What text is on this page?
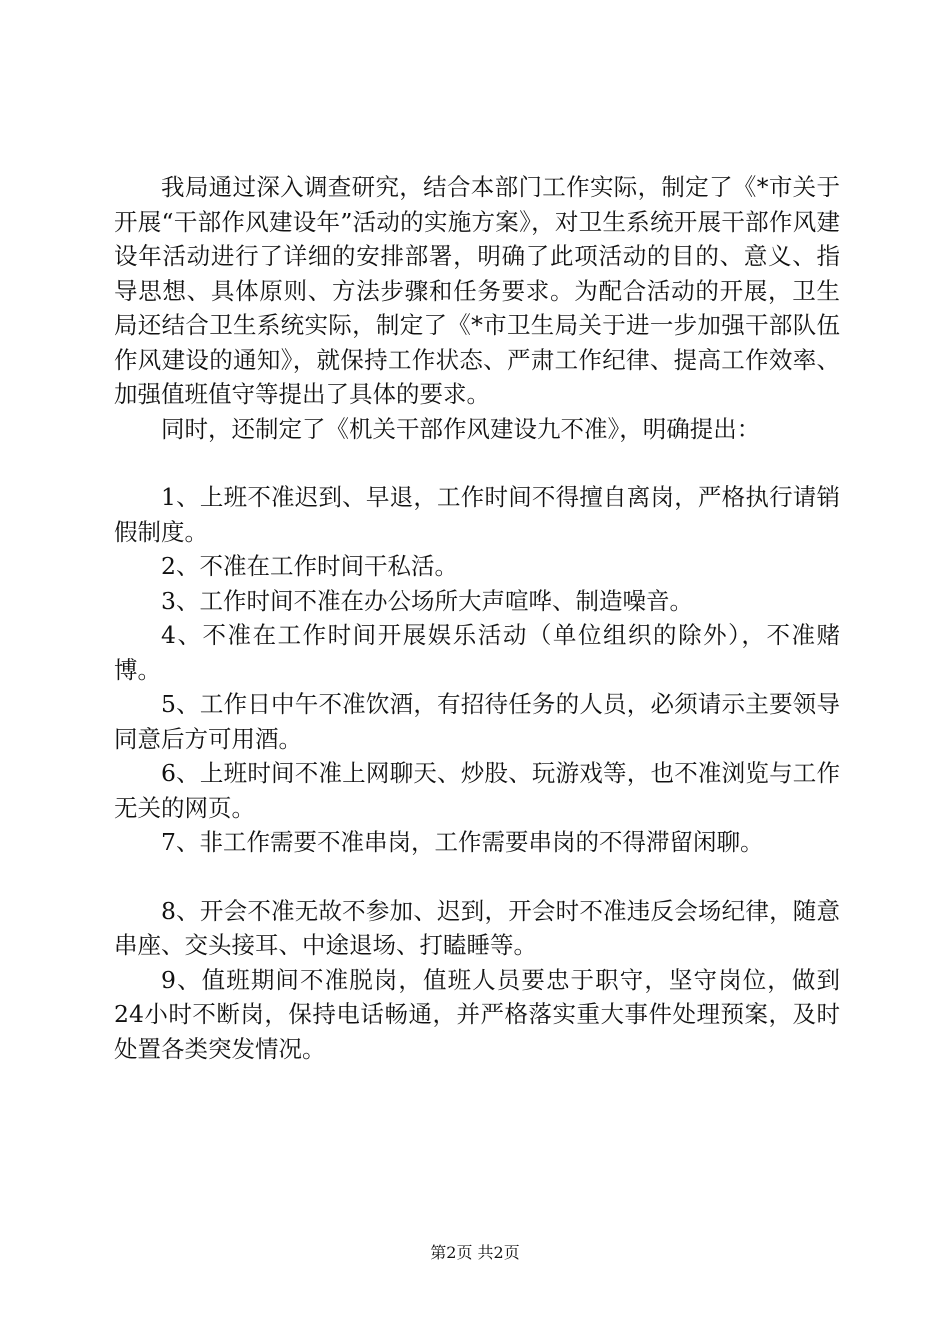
我局通过深入调查研究，结合本部门工作实际，制定了《*市关于开展“干部作风建设年”活动的实施方案》，对卫生系统开展干部作风建设年活动进行了详细的安排部署，明确了此项活动的目的、意义、指导思想、具体原则、方法步骤和任务要求。为配合活动的开展，卫生局还结合卫生系统实际，制定了《*市卫生局关于进一步加强干部队伍作风建设的通知》，就保持工作状态、严肃工作纪律、提高工作效率、加强值班值守等提出了具体的要求。

同时，还制定了《机关干部作风建设九不准》，明确提出：

1、上班不准迟到、早退，工作时间不得擅自离岗，严格执行请销假制度。

2、不准在工作时间干私活。

3、工作时间不准在办公场所大声喧哗、制造噪音。

4、不准在工作时间开展娱乐活动（单位组织的除外），不准赌博。

5、工作日中午不准饮酒，有招待任务的人员，必须请示主要领导同意后方可用酒。

6、上班时间不准上网聊天、炒股、玩游戏等，也不准浏览与工作无关的网页。

7、非工作需要不准串岗，工作需要串岗的不得滞留闲聊。

8、开会不准无故不参加、迟到，开会时不准违反会场纪律，随意串座、交头接耳、中途退场、打瞌睡等。

9、值班期间不准脱岗，值班人员要忠于职守，坚守岗位，做到24小时不断岗，保持电话畅通，并严格落实重大事件处理预案，及时处置各类突发情况。

第2页 共2页
